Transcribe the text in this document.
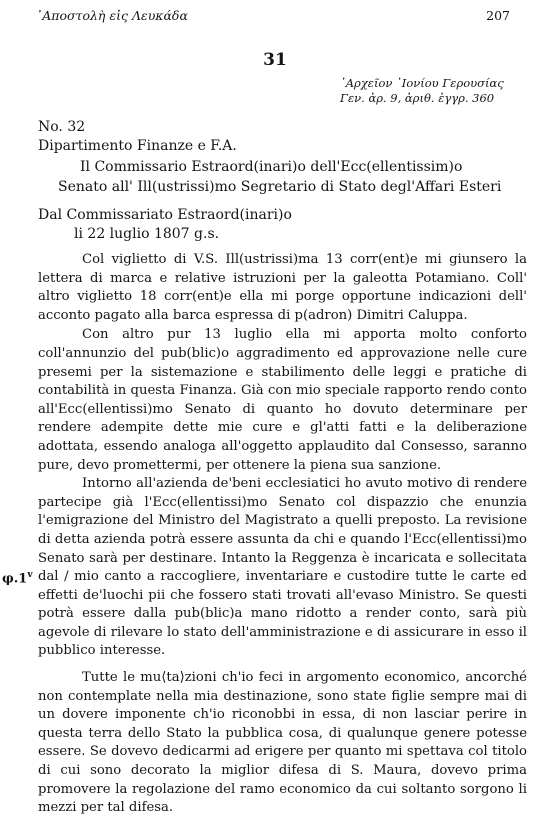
᾿Αποστολὴ εἰς Λευκάδα	207
31
᾿Αρχεῖον ᾿Ιονίου Γερουσίας
Γεν. ἀρ. 9, ἀριθ. ἐγγρ. 360
No. 32
Dipartimento Finanze e F.A.
Il Commissario Estraord(inari)o dell'Ecc(ellentissim)o
Senato all' Ill(ustrissi)mo Segretario di Stato degl'Affari Esteri
Dal Commissariato Estraord(inari)o
li 22 luglio 1807 g.s.
φ.1$^v$

Col viglietto di V.S. Ill(ustrissi)ma 13 corr(ent)e mi giunsero la lettera di marca e relative istruzioni per la galeotta Potamiano. Coll' altro viglietto 18 corr(ent)e ella mi porge opportune indicazioni dell' acconto pagato alla barca espressa di p(adron) Dimitri Caluppa.

Con altro pur 13 luglio ella mi apporta molto conforto coll'annunzio del pub(blic)o aggradimento ed approvazione nelle cure presemi per la sistemazione e stabilimento delle leggi e pratiche di contabilità in questa Finanza. Già con mio speciale rapporto rendo conto all'Ecc(ellentissi)mo Senato di quanto ho dovuto determinare per rendere adempite dette mie cure e gl'atti fatti e la deliberazione adottata, essendo analoga all'oggetto applaudito dal Consesso, saranno pure, devo promettermi, per ottenere la piena sua sanzione.

Intorno all'azienda de'beni ecclesiatici ho avuto motivo di rendere partecipe già l'Ecc(ellentissi)mo Senato col dispazzio che enunzia l'emigrazione del Ministro del Magistrato a quelli preposto. La revisione di detta azienda potrà essere assunta da chi e quando l'Ecc(ellentissi)mo Senato sarà per destinare. Intanto la Reggenza è incaricata e sollecitata dal / mio canto a raccogliere, inventariare e custodire tutte le carte ed effetti de'luochi pii che fossero stati trovati all'evaso Ministro. Se questi potrà essere dalla pub(blic)a mano ridotto a render conto, sarà più agevole di rilevare lo stato dell'amministrazione e di assicurare in esso il pubblico interesse.

Tutte le mu⟨ta⟩zioni ch'io feci in argomento economico, ancorché non contemplate nella mia destinazione, sono state figlie sempre mai di un dovere imponente ch'io riconobbi in essa, di non lasciar perire in questa terra dello Stato la pubblica cosa, di qualunque genere potesse essere. Se dovevo dedicarmi ad erigere per quanto mi spettava col titolo di cui sono decorato la miglior difesa di S. Maura, dovevo prima promovere la regolazione del ramo economico da cui soltanto sorgono li mezzi per tal difesa.
